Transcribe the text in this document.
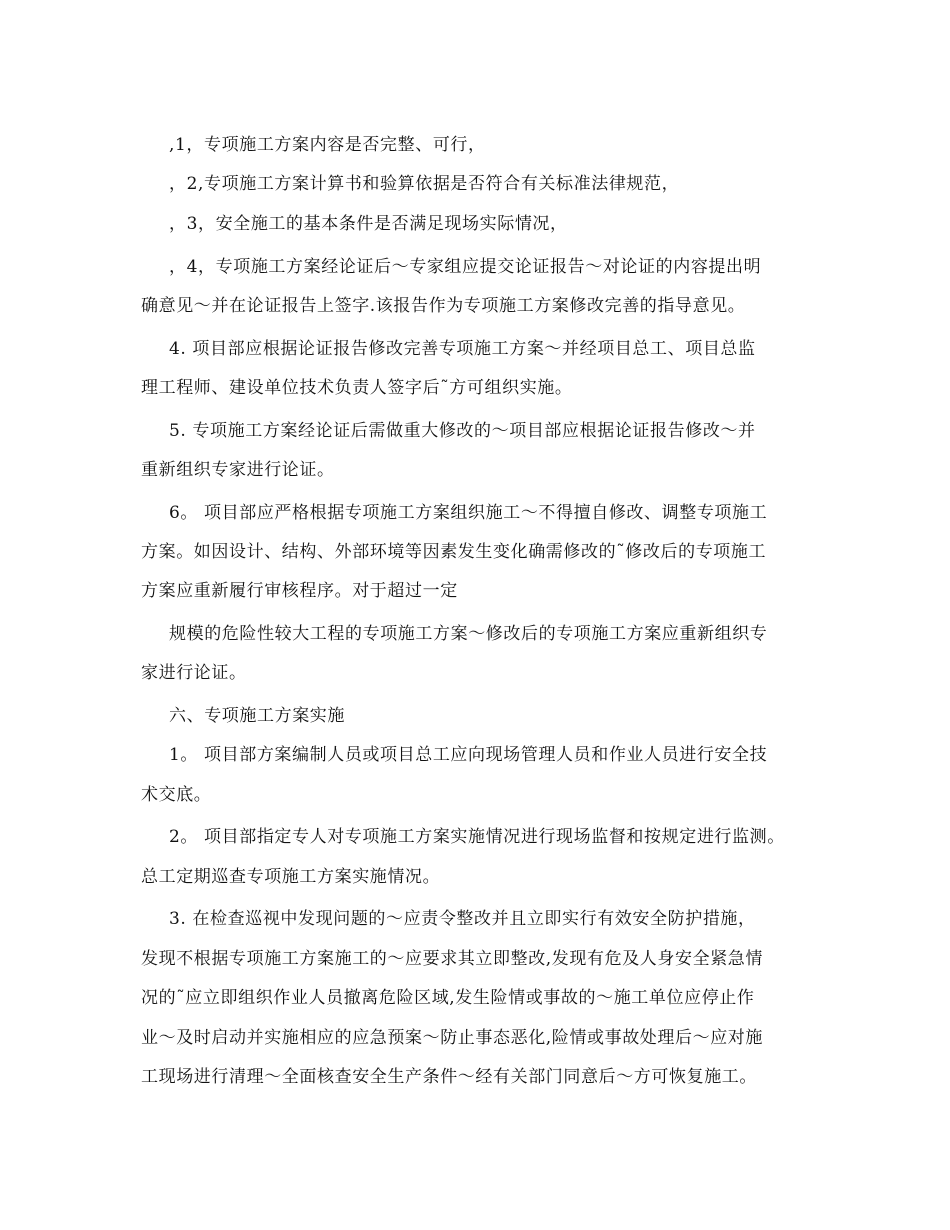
,1，专项施工方案内容是否完整、可行，
，2,专项施工方案计算书和验算依据是否符合有关标准法律规范，
，3，安全施工的基本条件是否满足现场实际情况，
，4，专项施工方案经论证后～专家组应提交论证报告～对论证的内容提出明
确意见～并在论证报告上签字.该报告作为专项施工方案修改完善的指导意见。
4. 项目部应根据论证报告修改完善专项施工方案～并经项目总工、项目总监
理工程师、建设单位技术负责人签字后˜方可组织实施。
5. 专项施工方案经论证后需做重大修改的～项目部应根据论证报告修改～并
重新组织专家进行论证。
6。 项目部应严格根据专项施工方案组织施工～不得擅自修改、调整专项施工
方案。如因设计、结构、外部环境等因素发生变化确需修改的˜修改后的专项施工
方案应重新履行审核程序。对于超过一定
规模的危险性较大工程的专项施工方案～修改后的专项施工方案应重新组织专
家进行论证。
六、专项施工方案实施
1。 项目部方案编制人员或项目总工应向现场管理人员和作业人员进行安全技
术交底。
2。 项目部指定专人对专项施工方案实施情况进行现场监督和按规定进行监测。
总工定期巡查专项施工方案实施情况。
3. 在检查巡视中发现问题的～应责令整改并且立即实行有效安全防护措施，
发现不根据专项施工方案施工的～应要求其立即整改,发现有危及人身安全紧急情
况的˜应立即组织作业人员撤离危险区域,发生险情或事故的～施工单位应停止作
业～及时启动并实施相应的应急预案～防止事态恶化,险情或事故处理后～应对施
工现场进行清理～全面核查安全生产条件～经有关部门同意后～方可恢复施工。
